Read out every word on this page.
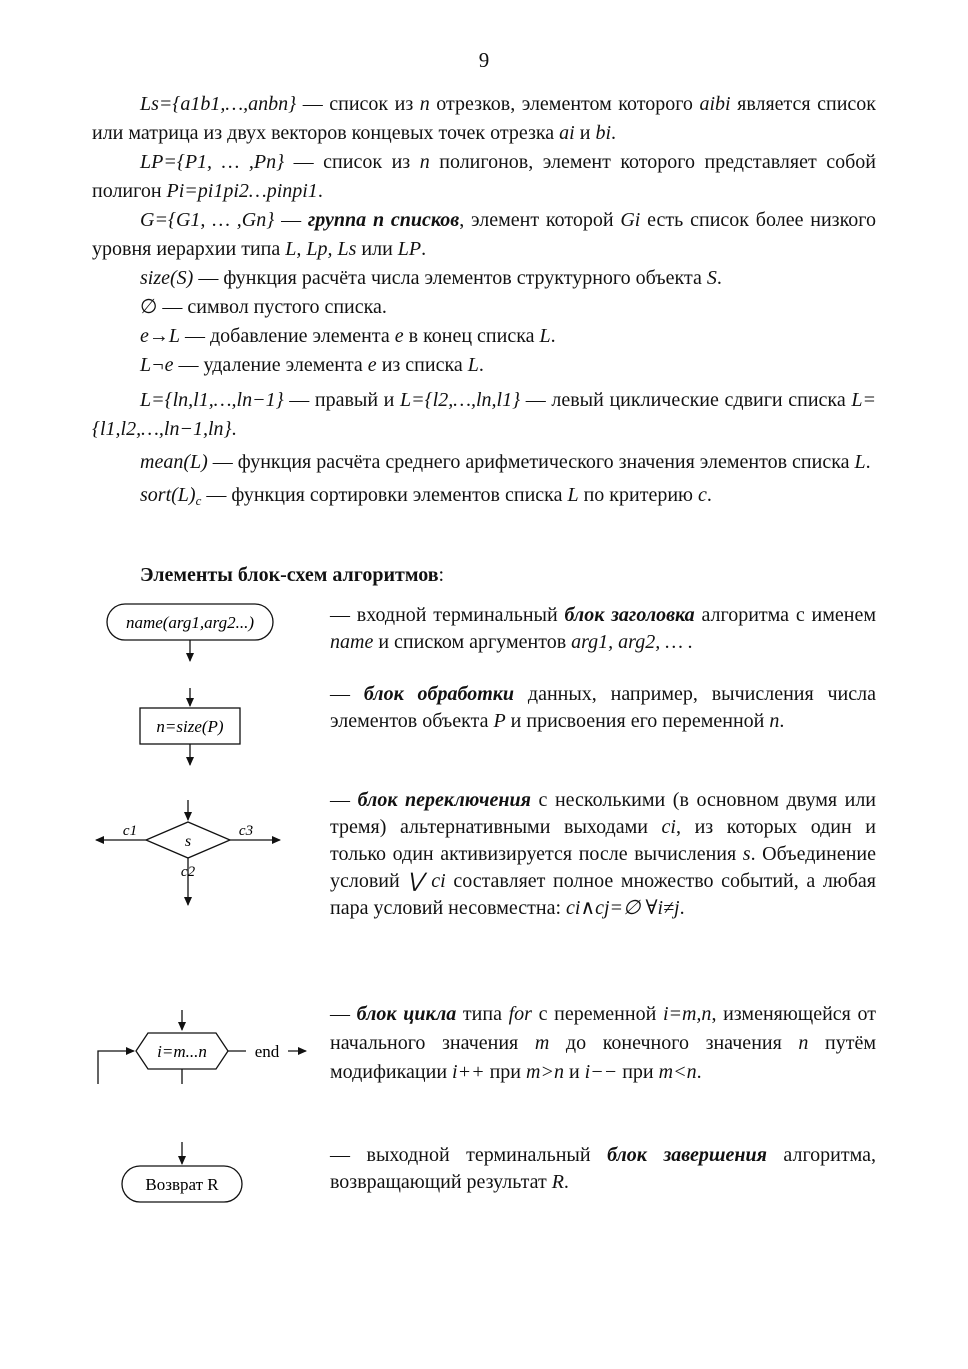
9

Ls={a1b1,…,anbn} — список из n отрезков, элементом которого aibi является список или матрица из двух векторов концевых точек отрезка ai и bi.

LP={P1, … ,Pn} — список из n полигонов, элемент которого представляет собой полигон Pi=pi1pi2…pinpi1.

G={G1, … ,Gn} — группа n списков, элемент которой Gi есть список более низкого уровня иерархии типа L, Lp, Ls или LP.

size(S) — функция расчёта числа элементов структурного объекта S.

∅ — символ пустого списка.

e→L — добавление элемента e в конец списка L.

L¬e — удаление элемента e из списка L.

L={ln,l1,…,ln−1} — правый и L={l2,…,ln,l1} — левый циклические сдвиги списка L={l1,l2,…,ln−1,ln}.

mean(L) — функция расчёта среднего арифметического значения элементов списка L.

$sort(L)_c$ — функция сортировки элементов списка L по критерию c.

Элементы блок-схем алгоритмов:
name(arg1,arg2...)
n=size(P)
s
c1	c3
c2
i=m...n	end
Возврат R

— входной терминальный блок заголовка алгоритма с именем name и списком аргументов arg1, arg2, … .

— блок обработки данных, например, вычисления числа элементов объекта P и присвоения его переменной n.

— блок переключения с несколькими (в основном двумя или тремя) альтернативными выходами ci, из которых один и только один активизируется после вычисления s. Объединение условий ⋁ ci составляет полное множество событий, а любая пара условий несовместна: ci∧cj=∅ ∀i≠j.

— блок цикла типа for с переменной i=m,n, изменяющейся от начального значения m до конечного значения n путём модификации i++ при m>n и i−− при m<n.

— выходной терминальный блок завершения алгоритма, возвращающий результат R.
